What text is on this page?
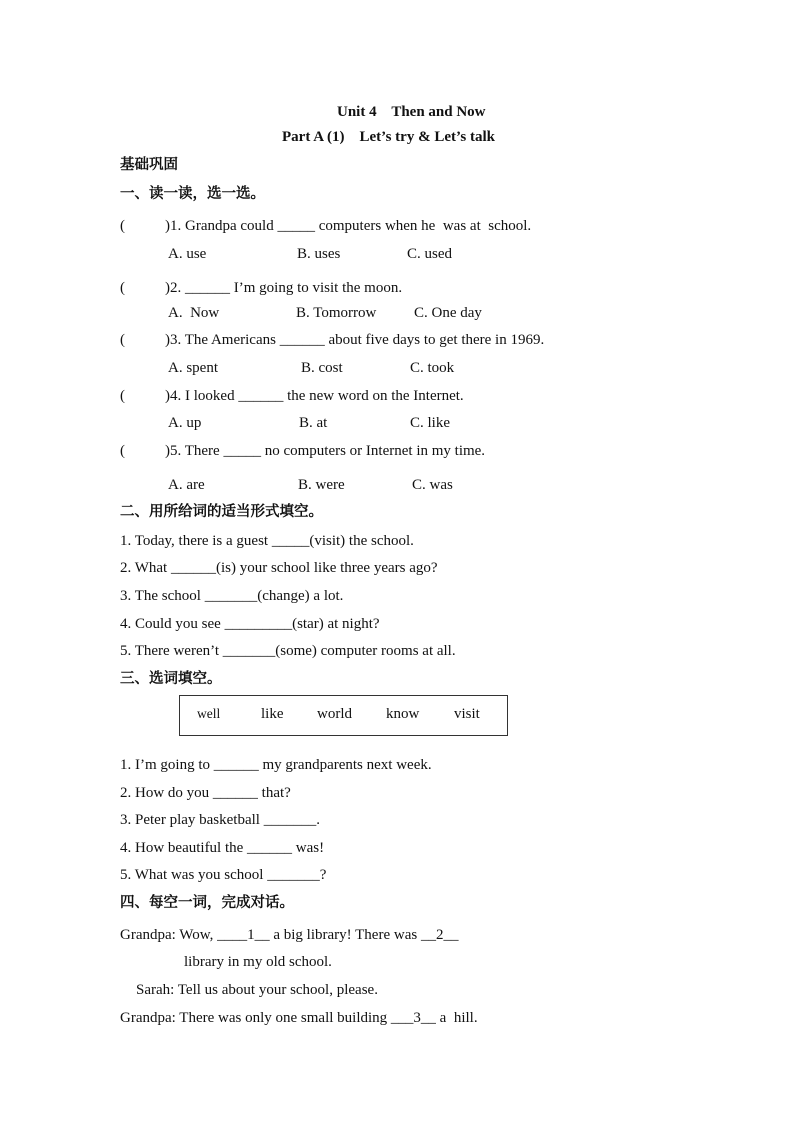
Unit 4    Then and Now
Part A (1)    Let’s try & Let’s talk
基础巩固
一、读一读，选一选。
(	)1. Grandpa could _____ computers when he  was at  school.
A. use	B. uses	C. used
(	)2. ______ I’m going to visit the moon.
A.  Now	B. Tomorrow	C. One day
(	)3. The Americans ______ about five days to get there in 1969.
A. spent	B. cost	C. took
(	)4. I looked ______ the new word on the Internet.
A. up	B. at	C. like
(	)5. There _____ no computers or Internet in my time.
A. are	B. were	C. was
二、用所给词的适当形式填空。
1. Today, there is a guest _____(visit) the school.
2. What ______(is) your school like three years ago?
3. The school _______(change) a lot.
4. Could you see _________(star) at night?
5. There weren’t _______(some) computer rooms at all.
三、选词填空。
well	like world know visit
1. I’m going to ______ my grandparents next week.
2. How do you ______ that?
3. Peter play basketball _______.
4. How beautiful the ______ was!
5. What was you school _______?
四、每空一词，完成对话。
Grandpa: Wow, ____1__ a big library! There was __2__
library in my old school.
Sarah: Tell us about your school, please.
Grandpa: There was only one small building ___3__ a  hill.
